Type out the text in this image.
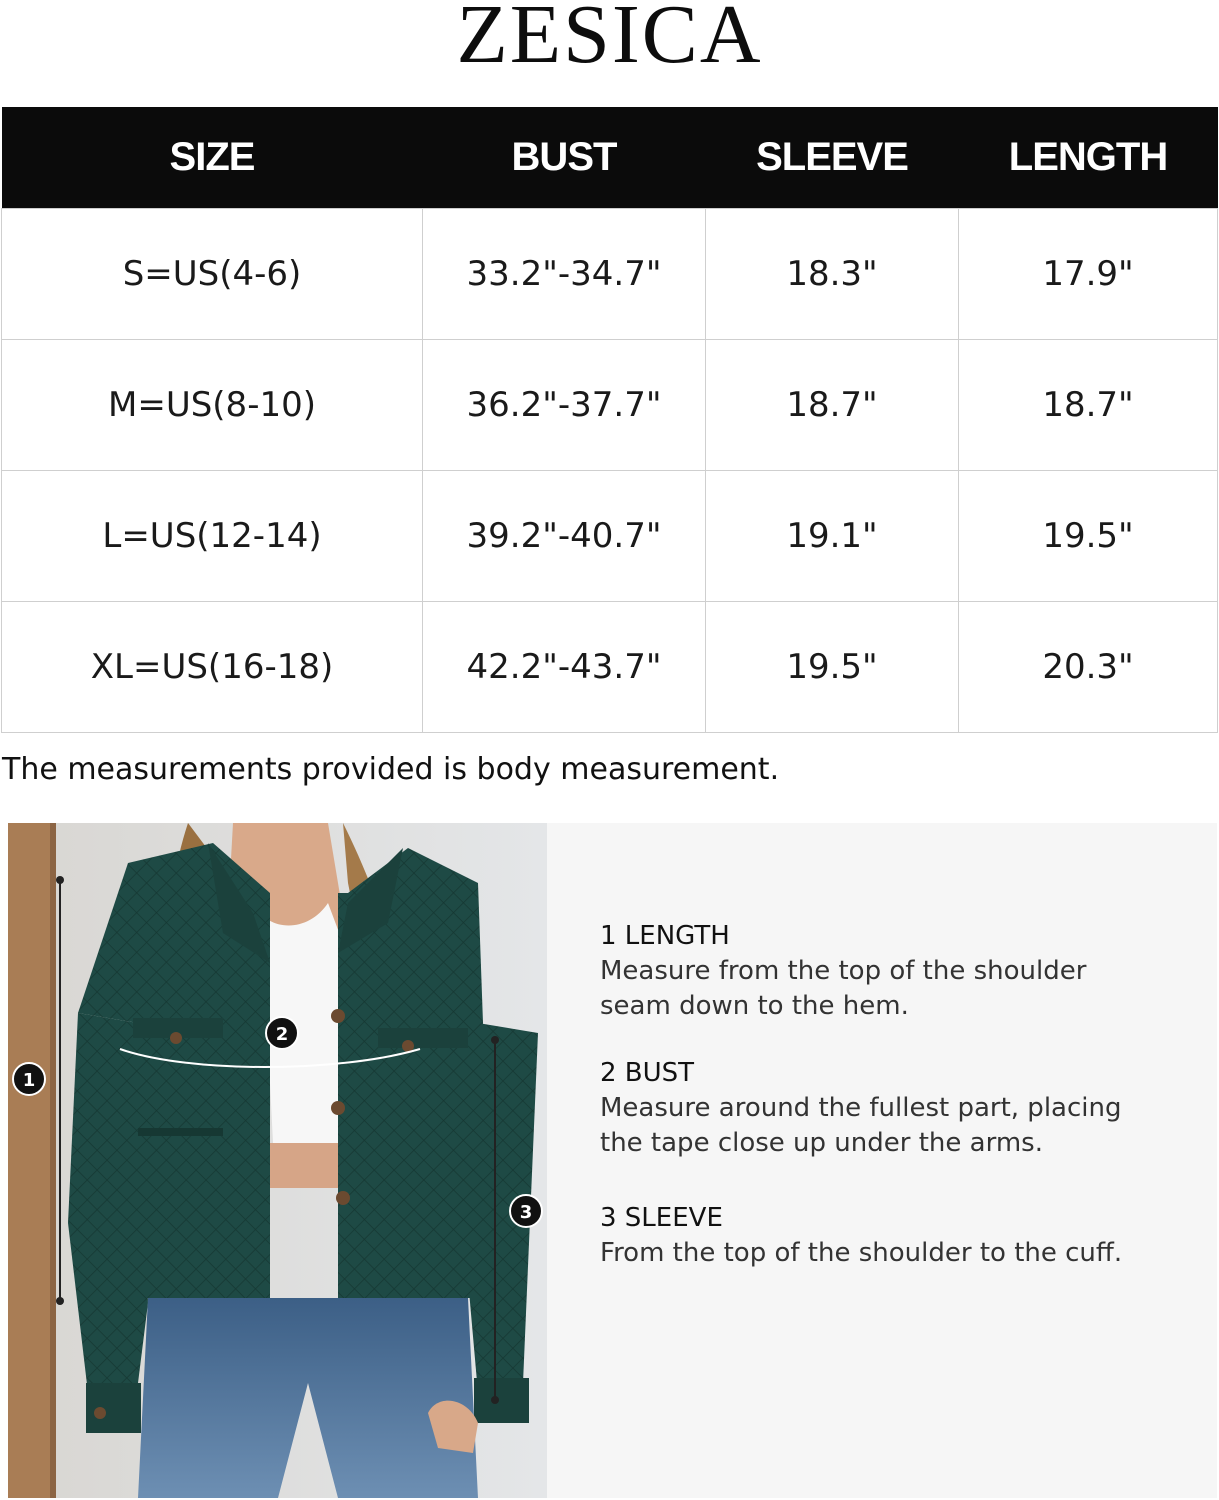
ZESICA
SIZE	BUST	SLEEVE	LENGTH
S=US(4-6)	33.2"-34.7"	18.3"	17.9"
M=US(8-10)	36.2"-37.7"	18.7"	18.7"
L=US(12-14)	39.2"-40.7"	19.1"	19.5"
XL=US(16-18)	42.2"-43.7"	19.5"	20.3"
The measurements provided is body measurement.
1
2
3
1 LENGTH
Measure from the top of the shoulder
seam down to the hem.
2 BUST
Measure around the fullest part, placing
the tape close up under the arms.
3 SLEEVE
From the top of the shoulder to the cuff.
